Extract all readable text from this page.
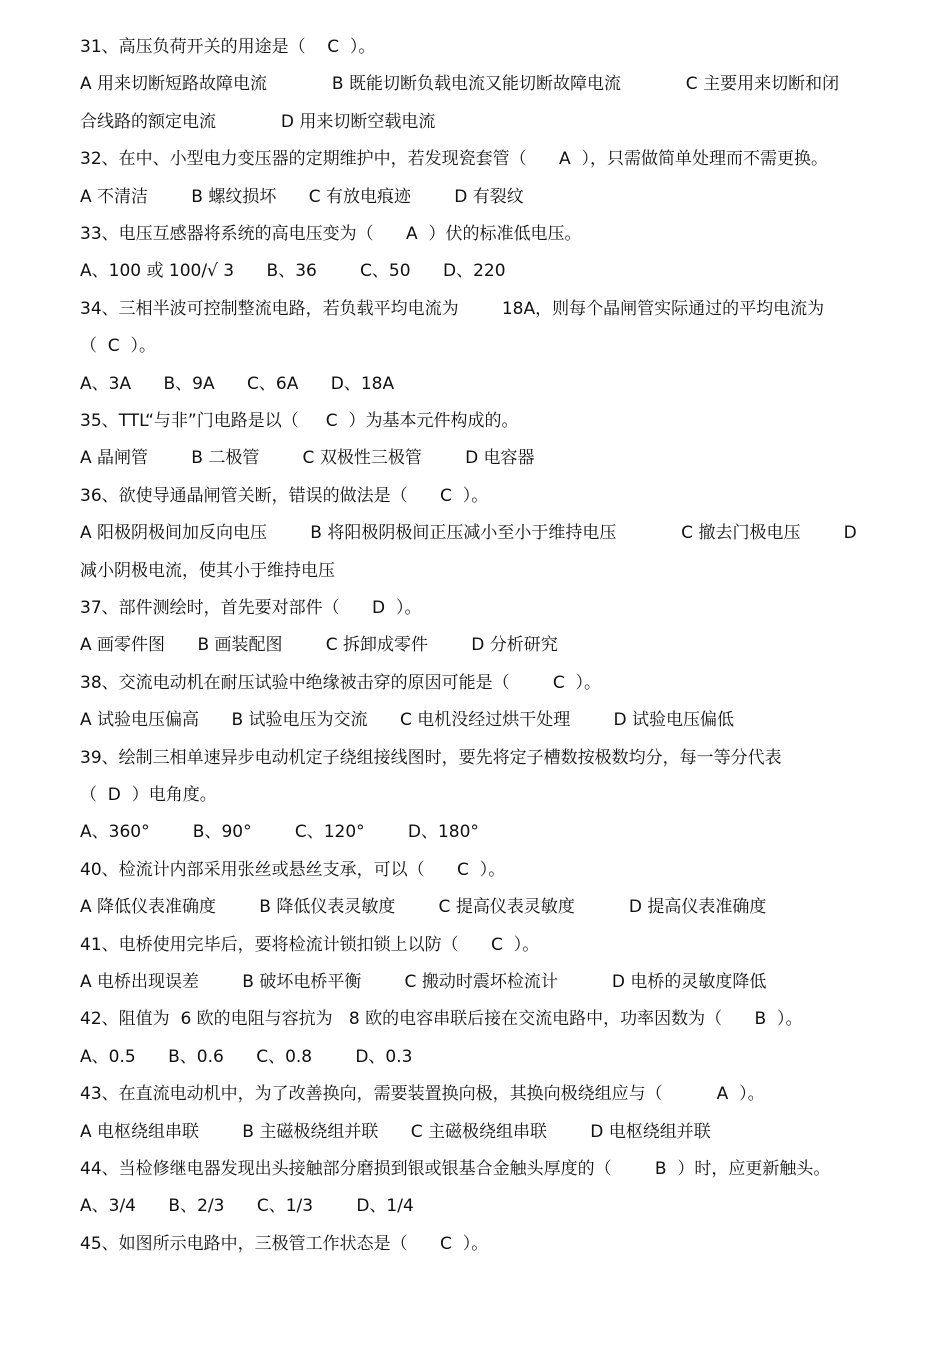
31、高压负荷开关的用途是（    C  ）。
A 用来切断短路故障电流            B 既能切断负载电流又能切断故障电流            C 主要用来切断和闭
合线路的额定电流            D 用来切断空载电流
32、在中、小型电力变压器的定期维护中，若发现瓷套管（      A  ），只需做简单处理而不需更换。
A 不清洁        B 螺纹损坏      C 有放电痕迹        D 有裂纹
33、电压互感器将系统的高电压变为（      A  ）伏的标准低电压。
A、100 或 100/√ 3      B、36        C、50      D、220
34、三相半波可控制整流电路，若负载平均电流为        18A，则每个晶闸管实际通过的平均电流为
（  C  ）。
A、3A      B、9A      C、6A      D、18A
35、TTL“与非”门电路是以（     C  ）为基本元件构成的。
A 晶闸管        B 二极管        C 双极性三极管        D 电容器
36、欲使导通晶闸管关断，错误的做法是（      C  ）。
A 阳极阴极间加反向电压        B 将阳极阴极间正压减小至小于维持电压            C 撤去门极电压        D
减小阴极电流，使其小于维持电压
37、部件测绘时，首先要对部件（      D  ）。
A 画零件图      B 画装配图        C 拆卸成零件        D 分析研究
38、交流电动机在耐压试验中绝缘被击穿的原因可能是（        C  ）。
A 试验电压偏高      B 试验电压为交流      C 电机没经过烘干处理        D 试验电压偏低
39、绘制三相单速异步电动机定子绕组接线图时，要先将定子槽数按极数均分，每一等分代表
（  D  ）电角度。
A、360°        B、90°        C、120°        D、180°
40、检流计内部采用张丝或悬丝支承，可以（      C  ）。
A 降低仪表准确度        B 降低仪表灵敏度        C 提高仪表灵敏度          D 提高仪表准确度
41、电桥使用完毕后，要将检流计锁扣锁上以防（      C  ）。
A 电桥出现误差        B 破坏电桥平衡        C 搬动时震坏检流计          D 电桥的灵敏度降低
42、阻值为  6 欧的电阻与容抗为   8 欧的电容串联后接在交流电路中，功率因数为（      B  ）。
A、0.5      B、0.6      C、0.8        D、0.3
43、在直流电动机中，为了改善换向，需要装置换向极，其换向极绕组应与（          A  ）。
A 电枢绕组串联        B 主磁极绕组并联      C 主磁极绕组串联        D 电枢绕组并联
44、当检修继电器发现出头接触部分磨损到银或银基合金触头厚度的（        B  ）时，应更新触头。
A、3/4      B、2/3      C、1/3        D、1/4
45、如图所示电路中，三极管工作状态是（      C  ）。
